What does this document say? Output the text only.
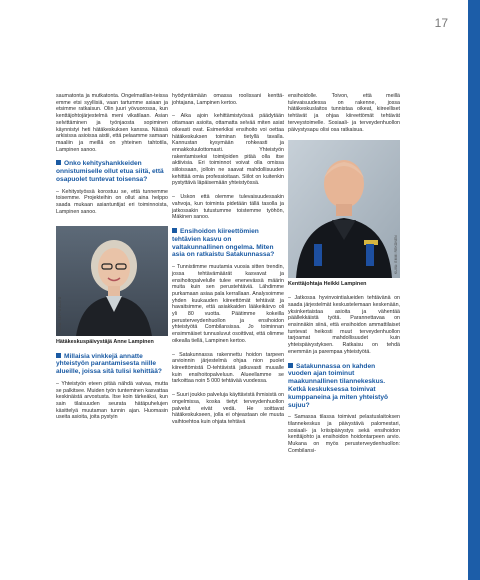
17

saumatonta ja mutkatonta. Ongelmatilan-teissa emme etsi syyllisiä, vaan tartumme asiaan ja etsimme ratkaisun. Olin juuri yövuorossa, kun kenttäjohtojärjestelmä meni vikatilaan. Asian selvittäminen ja työnjaosta sopiminen käynnistyi heti hätäkeskuksen kanssa. Näissä arkisissa asioissa aistii, että pelaamme samaan maaliin ja meillä on yhteinen tahtotila, Lampinen sanoo.

Onko kehityshankkeiden onnistumiselle ollut etua siitä, että osapuolet tuntevat toisensa?

– Kehitystyössä korostuu se, että tunnemme toisemme. Projekteihin on ollut aina helppo saada mukaan asiantuntijat eri toiminnoista, Lampinen sanoo.

KUVA: SEPPO ALATO
Hätäkeskuspäivystäjä Anne Lampinen
Millaisia vinkkejä annatte yhteistyön parantamisesta niille alueille, joissa sitä tulisi kehittää?

– Yhteistyön eteen pitää nähdä vaivaa, mutta se palkitsee. Muiden työn tunteminen kasvattaa keskinäistä arvostusta. Itse koin tärkeäksi, kun sain tilaisuuden seurata hätäpuhelujen käsittelyä muutaman tunnin ajan. Huomasin useita asioita, joita pystyin

hyödyntämään omassa roolissani kenttä-johtajana, Lampinen kertoo.

– Aika ajoin kehittämistyössä päädytään ottamaan asioita, ottamatta selvää miten asiat oikeasti ovat. Esimerkiksi ensihoito voi oettaa hätäkeskuksen toiminan tietyllä tavalla. Kannustan kysymään rohkeasti ja ennakkoluulottomasti. Yhteistyön rakentamiseksi toimijoiden pitää olla itse aktiivisia. Eri toiminnot voivat olla omissa siiloissaan, jolloin ne saavat mahdollisuuden kehittää omia professioitaan. Siilot on kuitenkin pystyttävä läpäisemään yhteistyössä.

– Uskon että olemme tulevaisuudessakin vahvoja, kun toiminta pidetään tällä tasolla ja jatkossakin tutustumme toistemme työhön, Mäkinen sanoo.

Ensihoidon kiireettömien tehtävien kasvu on valtakunnallinen ongelma. Miten asia on ratkaistu Satakunnassa?

– Tunnistimme muutamia vuosia sitten trendin, jossa tehtävämäärät kasvavat ja ensihoitopalvelulle tulee enenevässä määrin muita kuin sen perustehtäviä. Lähdimme purkamaan asiaa pala kerrallaan. Analysoimme yhden kuukauden kiireettömät tehtävät ja havaitsimme, että asiakkaiden lääkeikärvo oli yli 80 vuotta. Päätimme kokeilla perusterveydenhuollon ja ensihoidon yhteistyötä Combilansissa. Jo toiminnan ensimmäiset tunnusluvut osoittivat, että olimme oikealla tiellä, Lampinen kertoo.

– Satakunnassa rakennettu hoidon tarpeen arvioinnin järjestelmä ohjaa nion puolet kiireettömistä D-tehtävistä jatkuvasti muualle kuin ensihoitopalveluun. Alueellamme se tarkoittaa noin 5 000 tehtävää vuodessa.

– Suuri joukko palveluja käyttävistä ihmisistä on ongelmissa, koska tietyt terveydenhuollon palvelut eivät vedä. He soittavat hätäkeskukseen, jolla ei ohjeastaan ole muuta vaihtoehtoa kuin ohjata tehtävä

ensihoidolle. Toivon, että meillä tulevaisuudessa on rakenne, jossa hätäkeskuslaitos tunnistaa oikeat, kiireelliset tehtävät ja ohjaa kiireettömät tehtävät terveystoimelle. Sosiaali- ja terveydenhuollon päivystysapu olisi osa ratkaisua.

KUVA: EMMI REKONEN
Kenttäjohtaja Heikki Lampinen

– Jatkossa hyvinvointialueiden tehtävänä on saada järjestelmät keskustelemaan keskenään, yksinkertaistaa asioita ja vähentää päällekkäistä työtä. Parannettavaa on ensinnäkin siinä, että ensihoidon ammattilaiset tuntevat heikosti muut terveydenhuollon tarjoamat mahdollisuudet kuin yhteispäivystyksen. Ratkaisu on tehdä enemmän ja parempaa yhteistyötä.

Satakunnassa on kahden vuoden ajan toiminut maakunnallinen tilannekeskus. Ketkä keskuksessa toimivat kumppaneina ja miten yhteistyö sujuu?

– Samassa tilassa toimivat pelastuslaitoksen tilannekeskus ja päivystävä palomestari, sosiaali- ja kriisipäivystys sekä ensihoidon kenttäjohto ja ensihoidon hoidontarpeen arvio. Mukana on myös perusterveydenhuollon: Combilansi-
